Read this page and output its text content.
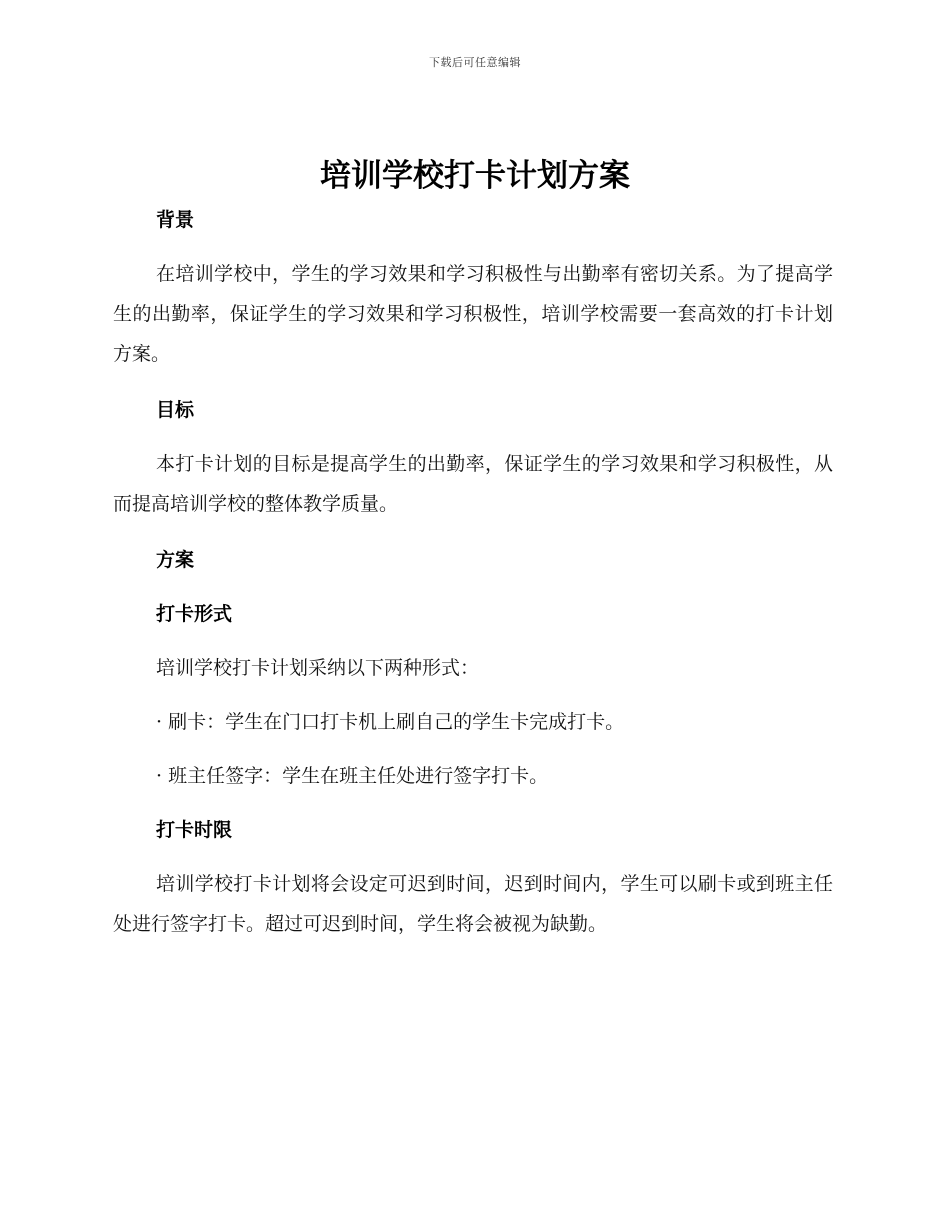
下载后可任意编辑
培训学校打卡计划方案
背景

在培训学校中，学生的学习效果和学习积极性与出勤率有密切关系。为了提高学生的出勤率，保证学生的学习效果和学习积极性，培训学校需要一套高效的打卡计划方案。

目标

本打卡计划的目标是提高学生的出勤率，保证学生的学习效果和学习积极性，从而提高培训学校的整体教学质量。

方案
打卡形式

培训学校打卡计划采纳以下两种形式：

· 刷卡：学生在门口打卡机上刷自己的学生卡完成打卡。

· 班主任签字：学生在班主任处进行签字打卡。

打卡时限

培训学校打卡计划将会设定可迟到时间，迟到时间内，学生可以刷卡或到班主任处进行签字打卡。超过可迟到时间，学生将会被视为缺勤。
